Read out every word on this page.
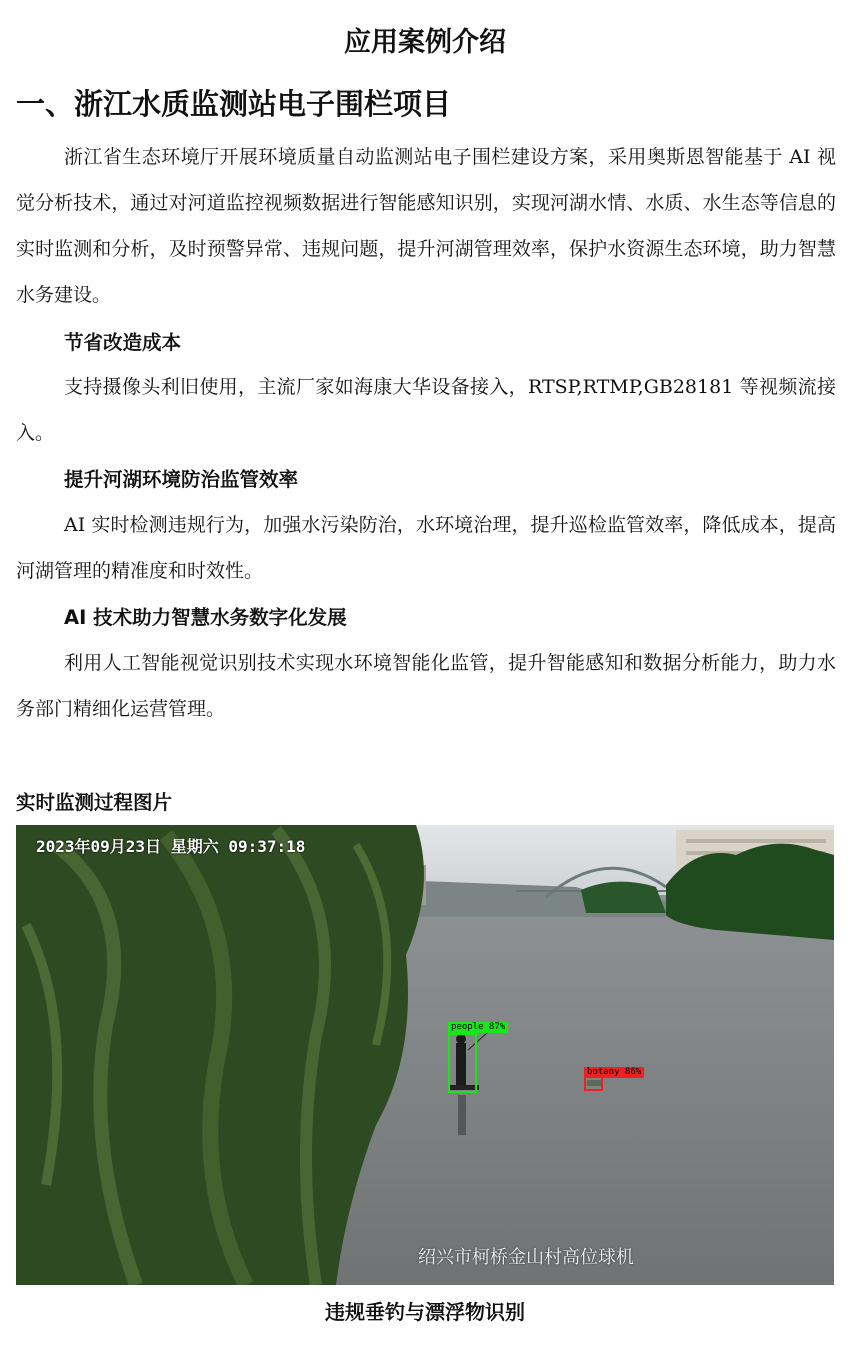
应用案例介绍
一、浙江水质监测站电子围栏项目

浙江省生态环境厅开展环境质量自动监测站电子围栏建设方案，采用奥斯恩智能基于 AI 视觉分析技术，通过对河道监控视频数据进行智能感知识别，实现河湖水情、水质、水生态等信息的实时监测和分析，及时预警异常、违规问题，提升河湖管理效率，保护水资源生态环境，助力智慧水务建设。

节省改造成本

支持摄像头利旧使用，主流厂家如海康大华设备接入，RTSP,RTMP,GB28181 等视频流接入。

提升河湖环境防治监管效率

AI 实时检测违规行为，加强水污染防治，水环境治理，提升巡检监管效率，降低成本，提高河湖管理的精准度和时效性。

AI 技术助力智慧水务数字化发展

利用人工智能视觉识别技术实现水环境智能化监管，提升智能感知和数据分析能力，助力水务部门精细化运营管理。

实时监测过程图片
2023年09月23日 星期六 09:37:18
people 87%
botany 86%
绍兴市柯桥金山村高位球机
违规垂钓与漂浮物识别
